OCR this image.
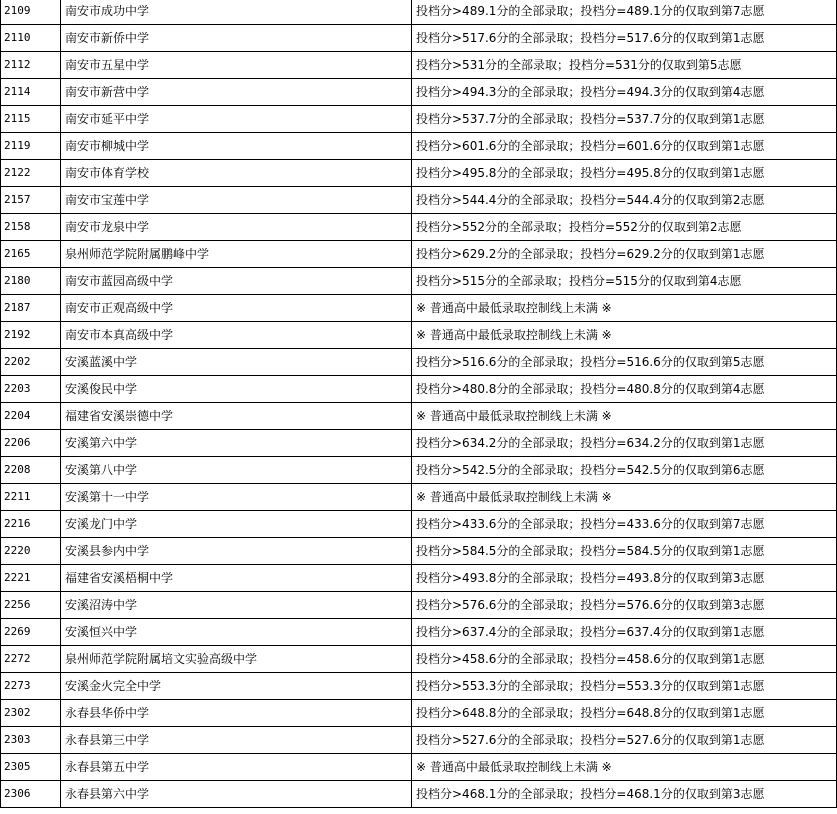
2109	南安市成功中学	投档分>489.1分的全部录取；投档分=489.1分的仅取到第7志愿
2110	南安市新侨中学	投档分>517.6分的全部录取；投档分=517.6分的仅取到第1志愿
2112	南安市五星中学	投档分>531分的全部录取；投档分=531分的仅取到第5志愿
2114	南安市新营中学	投档分>494.3分的全部录取；投档分=494.3分的仅取到第4志愿
2115	南安市延平中学	投档分>537.7分的全部录取；投档分=537.7分的仅取到第1志愿
2119	南安市柳城中学	投档分>601.6分的全部录取；投档分=601.6分的仅取到第1志愿
2122	南安市体育学校	投档分>495.8分的全部录取；投档分=495.8分的仅取到第1志愿
2157	南安市宝莲中学	投档分>544.4分的全部录取；投档分=544.4分的仅取到第2志愿
2158	南安市龙泉中学	投档分>552分的全部录取；投档分=552分的仅取到第2志愿
2165	泉州师范学院附属鹏峰中学	投档分>629.2分的全部录取；投档分=629.2分的仅取到第1志愿
2180	南安市蓝园高级中学	投档分>515分的全部录取；投档分=515分的仅取到第4志愿
2187	南安市正观高级中学	※ 普通高中最低录取控制线上未满 ※
2192	南安市本真高级中学	※ 普通高中最低录取控制线上未满 ※
2202	安溪蓝溪中学	投档分>516.6分的全部录取；投档分=516.6分的仅取到第5志愿
2203	安溪俊民中学	投档分>480.8分的全部录取；投档分=480.8分的仅取到第4志愿
2204	福建省安溪崇德中学	※ 普通高中最低录取控制线上未满 ※
2206	安溪第六中学	投档分>634.2分的全部录取；投档分=634.2分的仅取到第1志愿
2208	安溪第八中学	投档分>542.5分的全部录取；投档分=542.5分的仅取到第6志愿
2211	安溪第十一中学	※ 普通高中最低录取控制线上未满 ※
2216	安溪龙门中学	投档分>433.6分的全部录取；投档分=433.6分的仅取到第7志愿
2220	安溪县参内中学	投档分>584.5分的全部录取；投档分=584.5分的仅取到第1志愿
2221	福建省安溪梧桐中学	投档分>493.8分的全部录取；投档分=493.8分的仅取到第3志愿
2256	安溪沼涛中学	投档分>576.6分的全部录取；投档分=576.6分的仅取到第3志愿
2269	安溪恒兴中学	投档分>637.4分的全部录取；投档分=637.4分的仅取到第1志愿
2272	泉州师范学院附属培文实验高级中学	投档分>458.6分的全部录取；投档分=458.6分的仅取到第1志愿
2273	安溪金火完全中学	投档分>553.3分的全部录取；投档分=553.3分的仅取到第1志愿
2302	永春县华侨中学	投档分>648.8分的全部录取；投档分=648.8分的仅取到第1志愿
2303	永春县第三中学	投档分>527.6分的全部录取；投档分=527.6分的仅取到第1志愿
2305	永春县第五中学	※ 普通高中最低录取控制线上未满 ※
2306	永春县第六中学	投档分>468.1分的全部录取；投档分=468.1分的仅取到第3志愿
